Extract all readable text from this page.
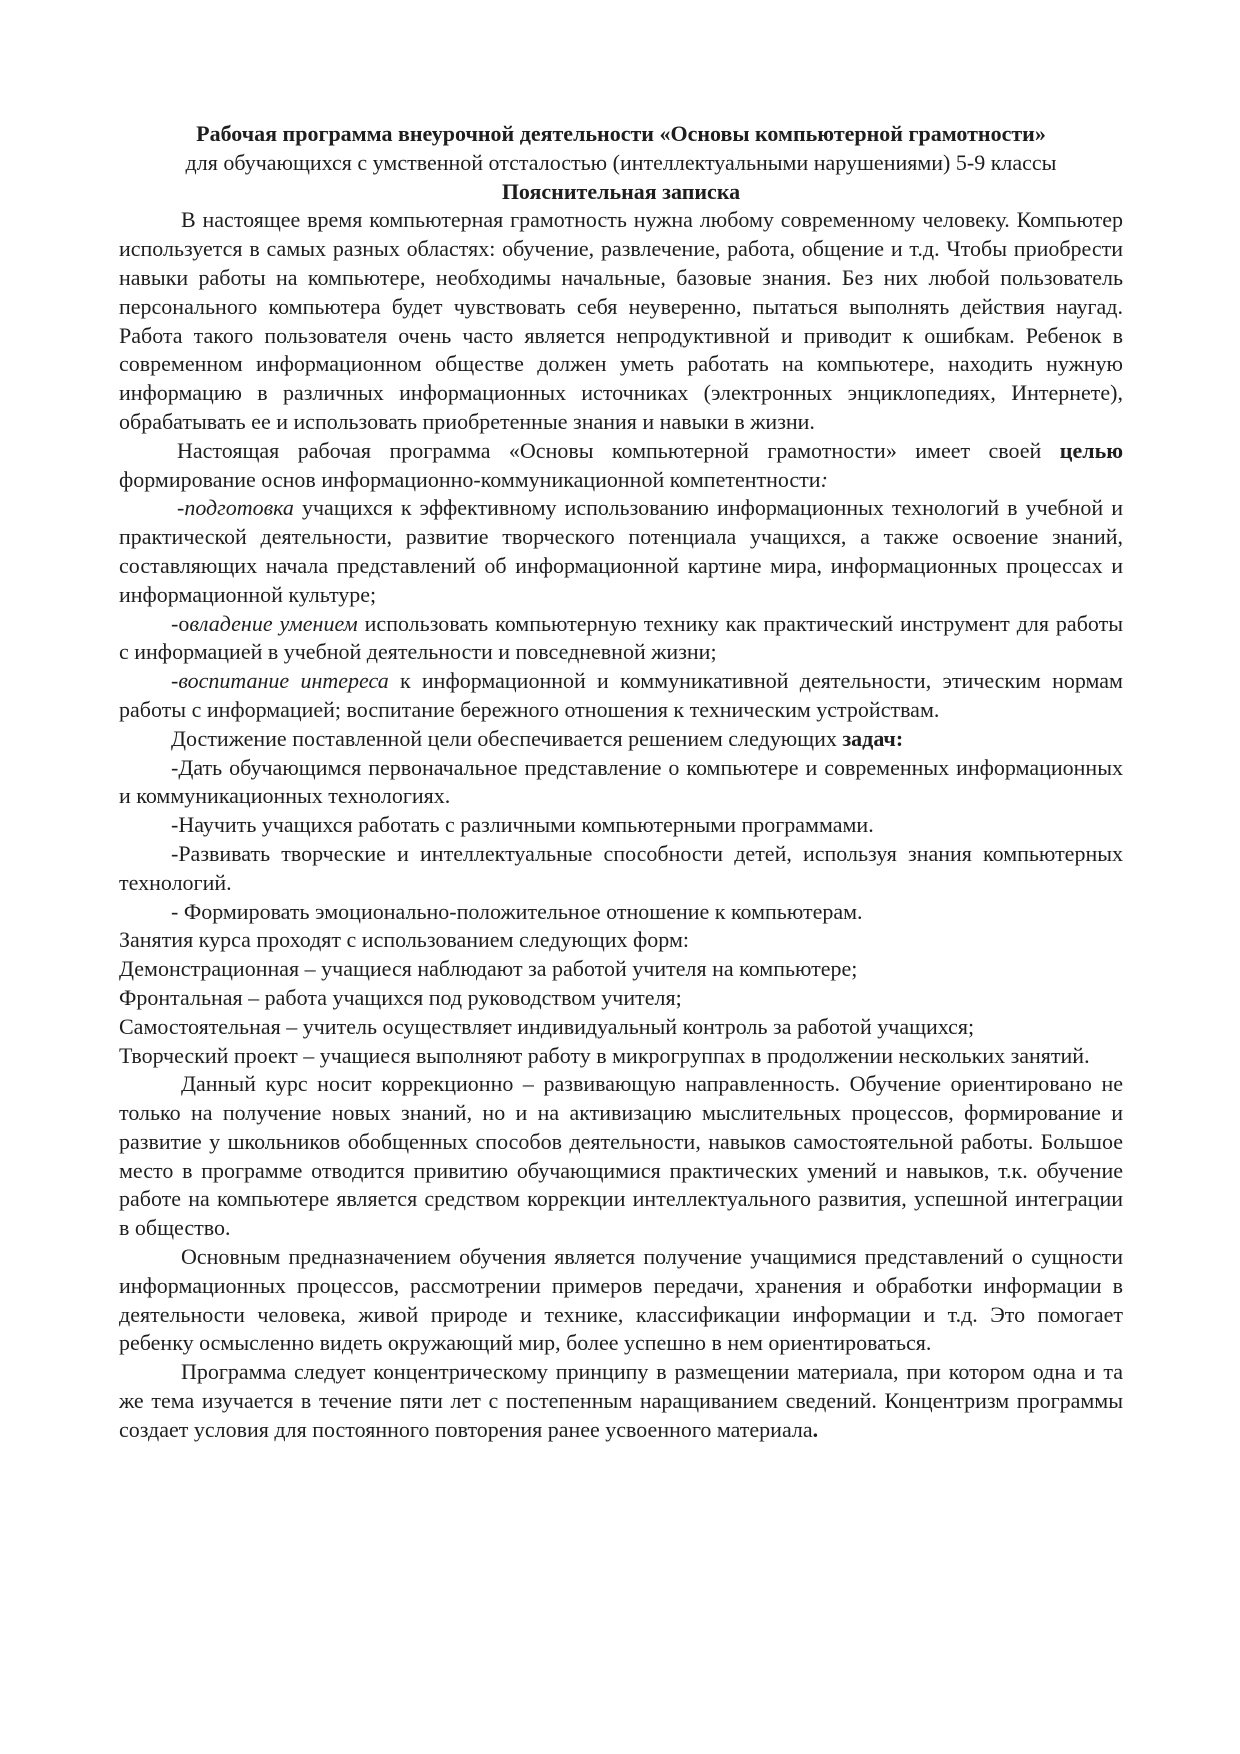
Рабочая программа внеурочной деятельности «Основы компьютерной грамотности»

для обучающихся с умственной отсталостью (интеллектуальными нарушениями) 5-9 классы

Пояснительная записка

В настоящее время компьютерная грамотность нужна любому современному человеку. Компьютер используется в самых разных областях: обучение, развлечение, работа, общение и т.д. Чтобы приобрести навыки работы на компьютере, необходимы начальные, базовые знания. Без них любой пользователь персонального компьютера будет чувствовать себя неуверенно, пытаться выполнять действия наугад. Работа такого пользователя очень часто является непродуктивной и приводит к ошибкам. Ребенок в современном информационном обществе должен уметь работать на компьютере, находить нужную информацию в различных информационных источниках (электронных энциклопедиях, Интернете), обрабатывать ее и использовать приобретенные знания и навыки в жизни.

Настоящая рабочая программа «Основы компьютерной грамотности» имеет своей целью формирование основ информационно-коммуникационной компетентности:

-подготовка учащихся к эффективному использованию информационных технологий в учебной и практической деятельности, развитие творческого потенциала учащихся, а также освоение знаний, составляющих начала представлений об информационной картине мира, информационных процессах и информационной культуре;

-овладение умением использовать компьютерную технику как практический инструмент для работы с информацией в учебной деятельности и повседневной жизни;

-воспитание интереса к информационной и коммуникативной деятельности, этическим нормам работы с информацией; воспитание бережного отношения к техническим устройствам.

Достижение поставленной цели обеспечивается решением следующих задач:

-Дать обучающимся первоначальное представление о компьютере и современных информационных и коммуникационных технологиях.

-Научить учащихся работать с различными компьютерными программами.

-Развивать творческие и интеллектуальные способности детей, используя знания компьютерных технологий.

- Формировать эмоционально-положительное отношение к компьютерам.

Занятия курса проходят с использованием следующих форм:

Демонстрационная – учащиеся наблюдают за работой учителя на компьютере;

Фронтальная – работа учащихся под руководством учителя;

Самостоятельная – учитель осуществляет индивидуальный контроль за работой учащихся;

Творческий проект – учащиеся выполняют работу в микрогруппах в продолжении нескольких занятий.

Данный курс носит коррекционно – развивающую направленность. Обучение ориентировано не только на получение новых знаний, но и на активизацию мыслительных процессов, формирование и развитие у школьников обобщенных способов деятельности, навыков самостоятельной работы. Большое место в программе отводится привитию обучающимися практических умений и навыков, т.к. обучение работе на компьютере является средством коррекции интеллектуального развития, успешной интеграции в общество.

Основным предназначением обучения является получение учащимися представлений о сущности информационных процессов, рассмотрении примеров передачи, хранения и обработки информации в деятельности человека, живой природе и технике, классификации информации и т.д. Это помогает ребенку осмысленно видеть окружающий мир, более успешно в нем ориентироваться.

Программа следует концентрическому принципу в размещении материала, при котором одна и та же тема изучается в течение пяти лет с постепенным наращиванием сведений. Концентризм программы создает условия для постоянного повторения ранее усвоенного материала.
